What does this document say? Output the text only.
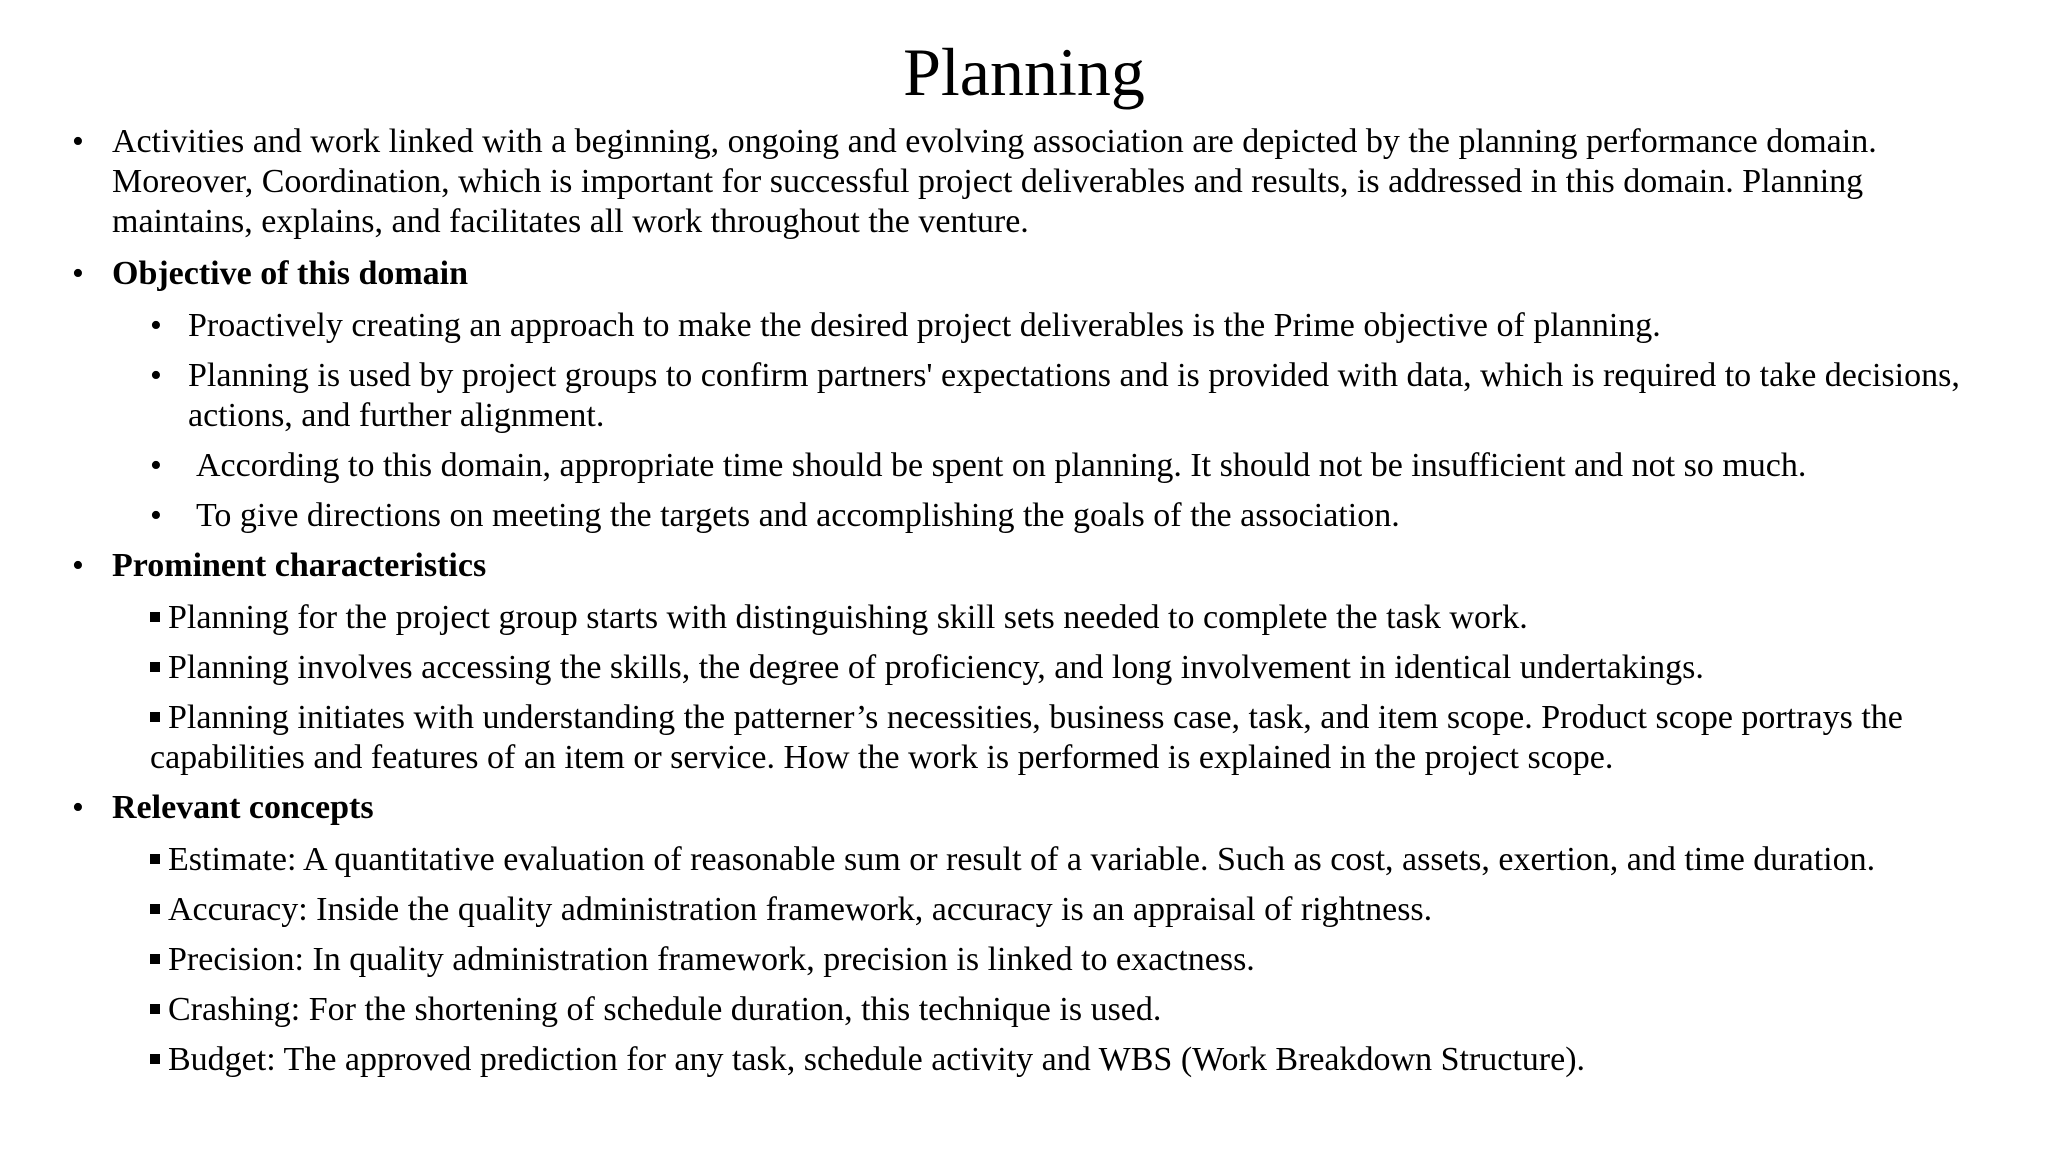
Planning
• Activities and work linked with a beginning, ongoing and evolving association are depicted by the planning performance domain. Moreover, Coordination, which is important for successful project deliverables and results, is addressed in this domain. Planning maintains, explains, and facilitates all work throughout the venture.
• Objective of this domain
• Proactively creating an approach to make the desired project deliverables is the Prime objective of planning.
• Planning is used by project groups to confirm partners' expectations and is provided with data, which is required to take decisions, actions, and further alignment.
• According to this domain, appropriate time should be spent on planning. It should not be insufficient and not so much.
• To give directions on meeting the targets and accomplishing the goals of the association.
• Prominent characteristics
Planning for the project group starts with distinguishing skill sets needed to complete the task work.
Planning involves accessing the skills, the degree of proficiency, and long involvement in identical undertakings.
Planning initiates with understanding the patterner’s necessities, business case, task, and item scope. Product scope portrays the capabilities and features of an item or service. How the work is performed is explained in the project scope.
• Relevant concepts
Estimate: A quantitative evaluation of reasonable sum or result of a variable. Such as cost, assets, exertion, and time duration.
Accuracy: Inside the quality administration framework, accuracy is an appraisal of rightness.
Precision: In quality administration framework, precision is linked to exactness.
Crashing: For the shortening of schedule duration, this technique is used.
Budget: The approved prediction for any task, schedule activity and WBS (Work Breakdown Structure).
